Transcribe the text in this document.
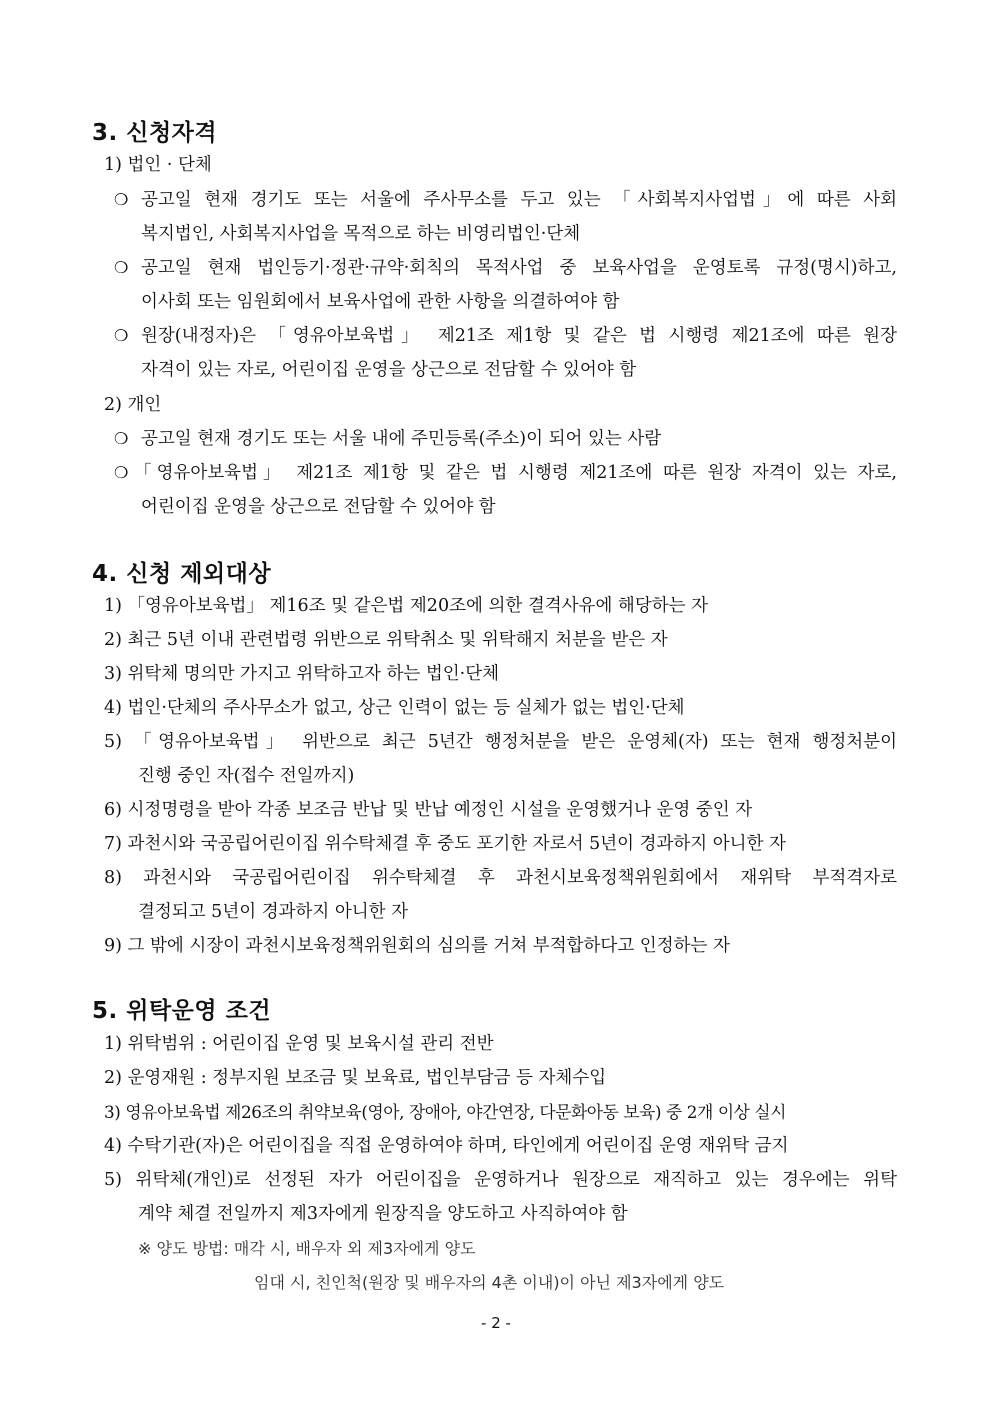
3. 신청자격
1) 법인 · 단체
❍ 공고일 현재 경기도 또는 서울에 주사무소를 두고 있는 「사회복지사업법」에 따른 사회
복지법인, 사회복지사업을 목적으로 하는 비영리법인·단체
❍ 공고일 현재 법인등기·정관·규약·회칙의 목적사업 중 보육사업을 운영토록 규정(명시)하고,
이사회 또는 임원회에서 보육사업에 관한 사항을 의결하여야 함
❍ 원장(내정자)은 「영유아보육법」 제21조 제1항 및 같은 법 시행령 제21조에 따른 원장
자격이 있는 자로, 어린이집 운영을 상근으로 전담할 수 있어야 함
2) 개인
❍ 공고일 현재 경기도 또는 서울 내에 주민등록(주소)이 되어 있는 사람
❍ 「영유아보육법」 제21조 제1항 및 같은 법 시행령 제21조에 따른 원장 자격이 있는 자로,
어린이집 운영을 상근으로 전담할 수 있어야 함
4. 신청 제외대상
1) 「영유아보육법」 제16조 및 같은법 제20조에 의한 결격사유에 해당하는 자
2) 최근 5년 이내 관련법령 위반으로 위탁취소 및 위탁해지 처분을 받은 자
3) 위탁체 명의만 가지고 위탁하고자 하는 법인·단체
4) 법인·단체의 주사무소가 없고, 상근 인력이 없는 등 실체가 없는 법인·단체
5) 「영유아보육법」 위반으로 최근 5년간 행정처분을 받은 운영체(자) 또는 현재 행정처분이
진행 중인 자(접수 전일까지)
6) 시정명령을 받아 각종 보조금 반납 및 반납 예정인 시설을 운영했거나 운영 중인 자
7) 과천시와 국공립어린이집 위수탁체결 후 중도 포기한 자로서 5년이 경과하지 아니한 자
8) 과천시와 국공립어린이집 위수탁체결 후 과천시보육정책위원회에서 재위탁 부적격자로
결정되고 5년이 경과하지 아니한 자
9) 그 밖에 시장이 과천시보육정책위원회의 심의를 거쳐 부적합하다고 인정하는 자
5. 위탁운영 조건
1) 위탁범위 : 어린이집 운영 및 보육시설 관리 전반
2) 운영재원 : 정부지원 보조금 및 보육료, 법인부담금 등 자체수입
3) 영유아보육법 제26조의 취약보육(영아, 장애아, 야간연장, 다문화아동 보육) 중 2개 이상 실시
4) 수탁기관(자)은 어린이집을 직접 운영하여야 하며, 타인에게 어린이집 운영 재위탁 금지
5) 위탁체(개인)로 선정된 자가 어린이집을 운영하거나 원장으로 재직하고 있는 경우에는 위탁
계약 체결 전일까지 제3자에게 원장직을 양도하고 사직하여야 함
※ 양도 방법: 매각 시, 배우자 외 제3자에게 양도
임대 시, 친인척(원장 및 배우자의 4촌 이내)이 아닌 제3자에게 양도
- 2 -
